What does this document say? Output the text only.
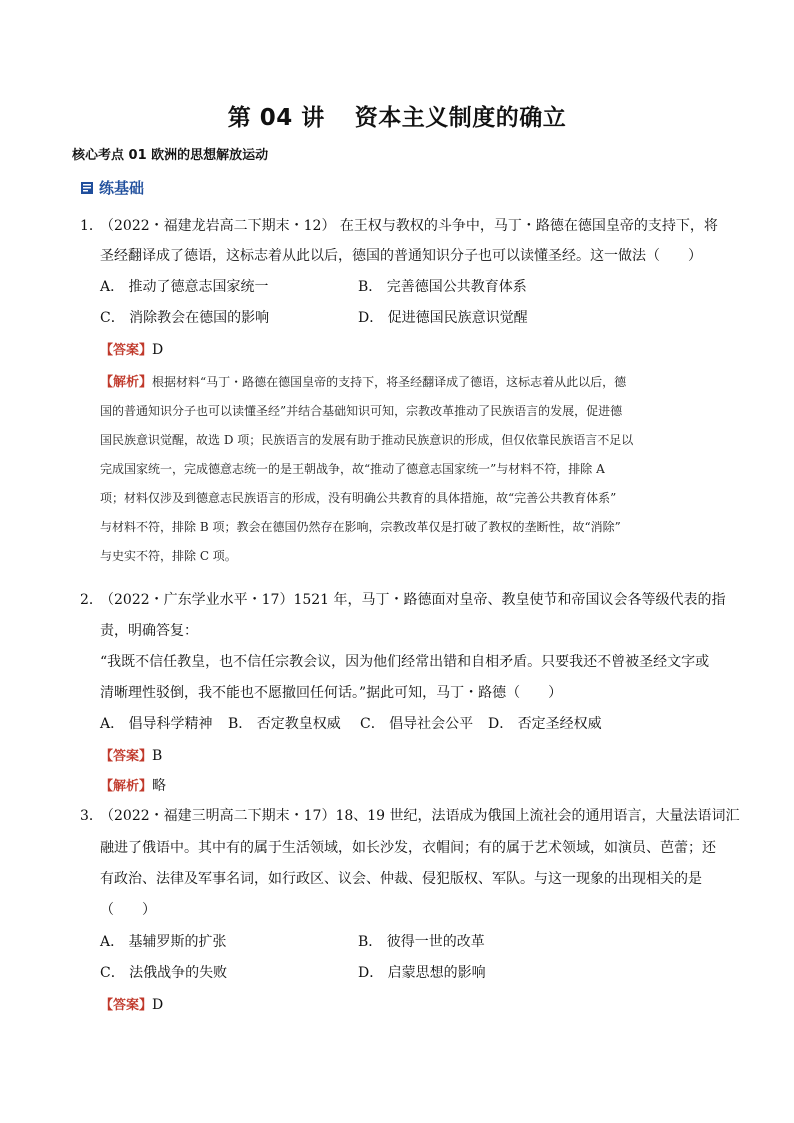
第 04 讲 资本主义制度的确立
核心考点 01 欧洲的思想解放运动
练基础
1．
（2022・福建龙岩高二下期末・12） 在王权与教权的斗争中，马丁・路德在德国皇帝的支持下，将
圣经翻译成了德语，这标志着从此以后，德国的普通知识分子也可以读懂圣经。这一做法（　　）
A． 推动了德意志国家统一	B． 完善德国公共教育体系
C． 消除教会在德国的影响	D． 促进德国民族意识觉醒
【答案】D
【解析】根据材料“马丁・路德在德国皇帝的支持下，将圣经翻译成了德语，这标志着从此以后，德
国的普通知识分子也可以读懂圣经”并结合基础知识可知，宗教改革推动了民族语言的发展，促进德
国民族意识觉醒，故选 D 项；民族语言的发展有助于推动民族意识的形成，但仅依靠民族语言不足以
完成国家统一，完成德意志统一的是王朝战争，故“推动了德意志国家统一”与材料不符，排除 A
项；材料仅涉及到德意志民族语言的形成，没有明确公共教育的具体措施，故“完善公共教育体系”
与材料不符，排除 B 项；教会在德国仍然存在影响，宗教改革仅是打破了教权的垄断性，故“消除”
与史实不符，排除 C 项。
2．
（2022・广东学业水平・17）1521 年，马丁・路德面对皇帝、教皇使节和帝国议会各等级代表的指
责，明确答复：
“我既不信任教皇，也不信任宗教会议，因为他们经常出错和自相矛盾。只要我还不曾被圣经文字或
清晰理性驳倒，我不能也不愿撤回任何话。”据此可知，马丁・路德（　　）
A． 倡导科学精神 B． 否定教皇权威 C． 倡导社会公平 D． 否定圣经权威
【答案】B
【解析】略
3．
（2022・福建三明高二下期末・17）18、19 世纪，法语成为俄国上流社会的通用语言，大量法语词汇
融进了俄语中。其中有的属于生活领域，如长沙发，衣帽间；有的属于艺术领域，如演员、芭蕾；还
有政治、法律及军事名词，如行政区、议会、仲裁、侵犯版权、军队。与这一现象的出现相关的是
（　　）
A． 基辅罗斯的扩张	B． 彼得一世的改革
C． 法俄战争的失败	D． 启蒙思想的影响
【答案】D
